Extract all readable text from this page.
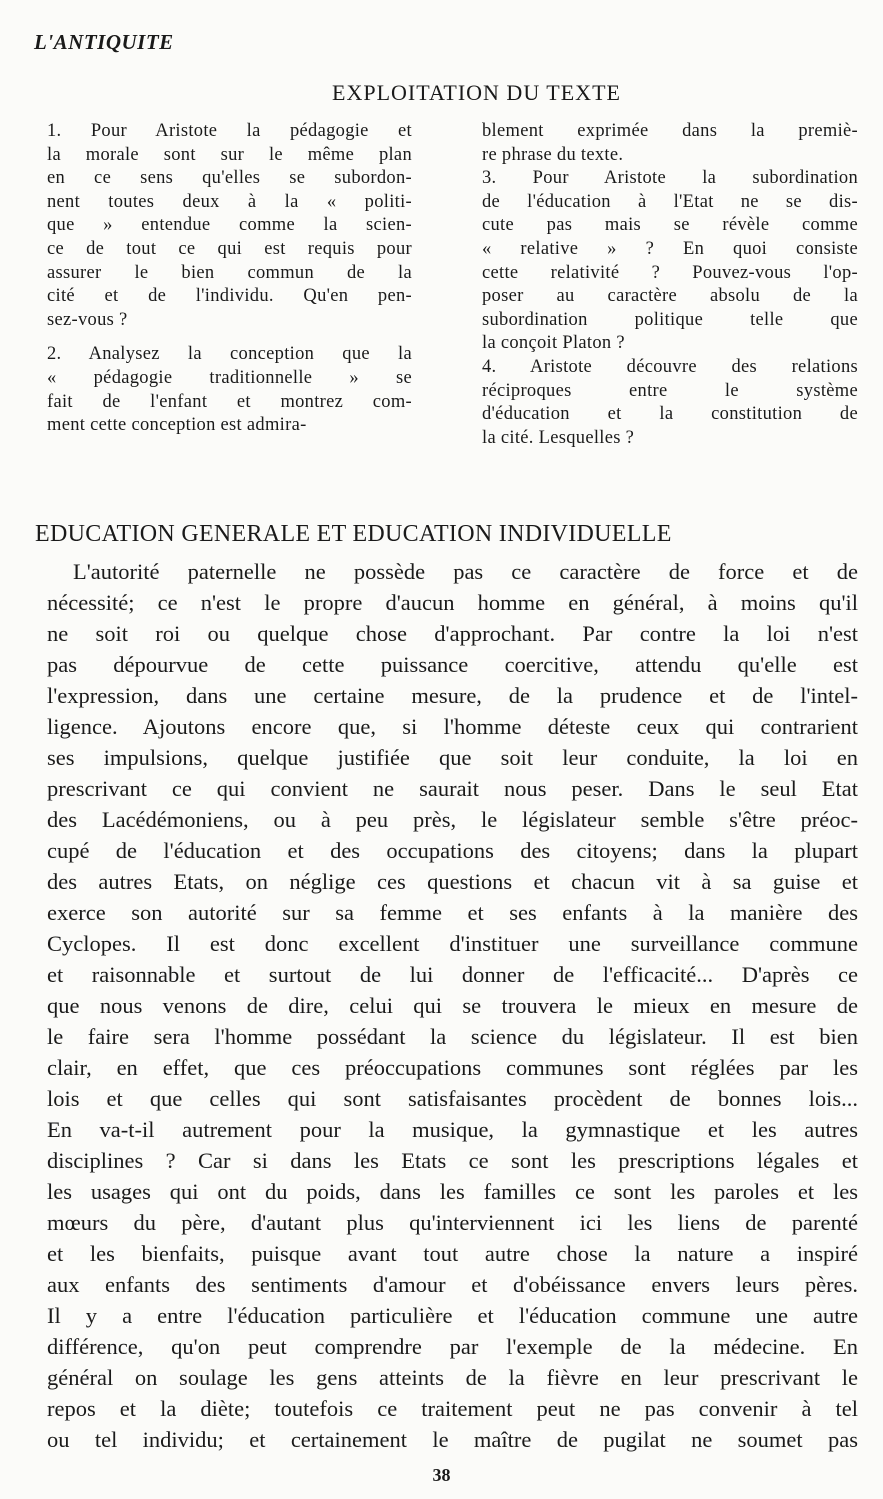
L'ANTIQUITE
EXPLOITATION DU TEXTE
1. Pour Aristote la pédagogie et
la morale sont sur le même plan
en ce sens qu'elles se subordon-
nent toutes deux à la « politi-
que » entendue comme la scien-
ce de tout ce qui est requis pour
assurer le bien commun de la
cité et de l'individu. Qu'en pen-
sez-vous ?
2. Analysez la conception que la
« pédagogie traditionnelle » se
fait de l'enfant et montrez com-
ment cette conception est admira-
blement exprimée dans la premiè-
re phrase du texte.
3. Pour Aristote la subordination
de l'éducation à l'Etat ne se dis-
cute pas mais se révèle comme
« relative » ? En quoi consiste
cette relativité ? Pouvez-vous l'op-
poser au caractère absolu de la
subordination politique telle que
la conçoit Platon ?
4. Aristote découvre des relations
réciproques entre le système
d'éducation et la constitution de
la cité. Lesquelles ?
EDUCATION GENERALE ET EDUCATION INDIVIDUELLE
L'autorité paternelle ne possède pas ce caractère de force et de
nécessité; ce n'est le propre d'aucun homme en général, à moins qu'il
ne soit roi ou quelque chose d'approchant. Par contre la loi n'est
pas dépourvue de cette puissance coercitive, attendu qu'elle est
l'expression, dans une certaine mesure, de la prudence et de l'intel-
ligence. Ajoutons encore que, si l'homme déteste ceux qui contrarient
ses impulsions, quelque justifiée que soit leur conduite, la loi en
prescrivant ce qui convient ne saurait nous peser. Dans le seul Etat
des Lacédémoniens, ou à peu près, le législateur semble s'être préoc-
cupé de l'éducation et des occupations des citoyens; dans la plupart
des autres Etats, on néglige ces questions et chacun vit à sa guise et
exerce son autorité sur sa femme et ses enfants à la manière des
Cyclopes. Il est donc excellent d'instituer une surveillance commune
et raisonnable et surtout de lui donner de l'efficacité... D'après ce
que nous venons de dire, celui qui se trouvera le mieux en mesure de
le faire sera l'homme possédant la science du législateur. Il est bien
clair, en effet, que ces préoccupations communes sont réglées par les
lois et que celles qui sont satisfaisantes procèdent de bonnes lois...
En va-t-il autrement pour la musique, la gymnastique et les autres
disciplines ? Car si dans les Etats ce sont les prescriptions légales et
les usages qui ont du poids, dans les familles ce sont les paroles et les
mœurs du père, d'autant plus qu'interviennent ici les liens de parenté
et les bienfaits, puisque avant tout autre chose la nature a inspiré
aux enfants des sentiments d'amour et d'obéissance envers leurs pères.
Il y a entre l'éducation particulière et l'éducation commune une autre
différence, qu'on peut comprendre par l'exemple de la médecine. En
général on soulage les gens atteints de la fièvre en leur prescrivant le
repos et la diète; toutefois ce traitement peut ne pas convenir à tel
ou tel individu; et certainement le maître de pugilat ne soumet pas
38
